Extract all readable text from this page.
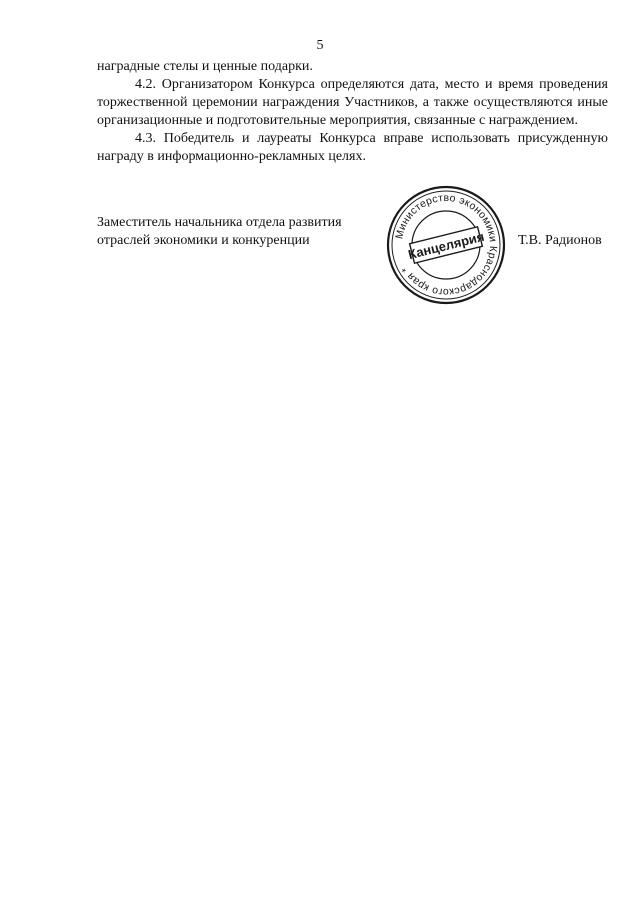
5

наградные стелы и ценные подарки.

4.2. Организатором Конкурса определяются дата, место и время проведения торжественной церемонии награждения Участников, а также осуществляются иные организационные и подготовительные мероприятия, связанные с награждением.

4.3. Победитель и лауреаты Конкурса вправе использовать присужденную награду в информационно-рекламных целях.

Заместитель начальника отдела развития
отраслей экономики и конкуренции	Министерство экономики Краснодарского края *
Канцелярия Т.В. Радионов
